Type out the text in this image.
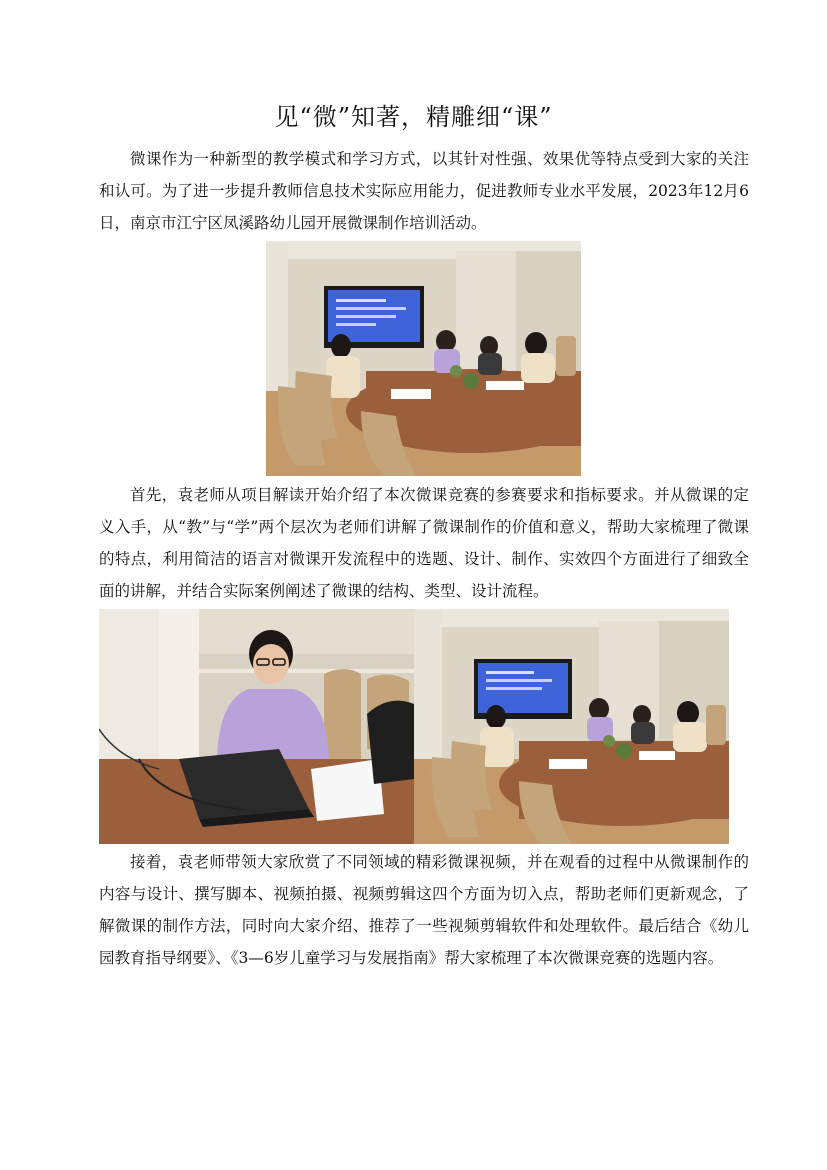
见“微”知著，精雕细“课”

微课作为一种新型的教学模式和学习方式，以其针对性强、效果优等特点受到大家的关注和认可。为了进一步提升教师信息技术实际应用能力，促进教师专业水平发展，2023年12月6日，南京市江宁区凤溪路幼儿园开展微课制作培训活动。

首先，袁老师从项目解读开始介绍了本次微课竞赛的参赛要求和指标要求。并从微课的定义入手，从“教”与“学”两个层次为老师们讲解了微课制作的价值和意义，帮助大家梳理了微课的特点，利用简洁的语言对微课开发流程中的选题、设计、制作、实效四个方面进行了细致全面的讲解，并结合实际案例阐述了微课的结构、类型、设计流程。

接着，袁老师带领大家欣赏了不同领域的精彩微课视频，并在观看的过程中从微课制作的内容与设计、撰写脚本、视频拍摄、视频剪辑这四个方面为切入点，帮助老师们更新观念，了解微课的制作方法，同时向大家介绍、推荐了一些视频剪辑软件和处理软件。最后结合《幼儿园教育指导纲要》、《3—6岁儿童学习与发展指南》帮大家梳理了本次微课竞赛的选题内容。
